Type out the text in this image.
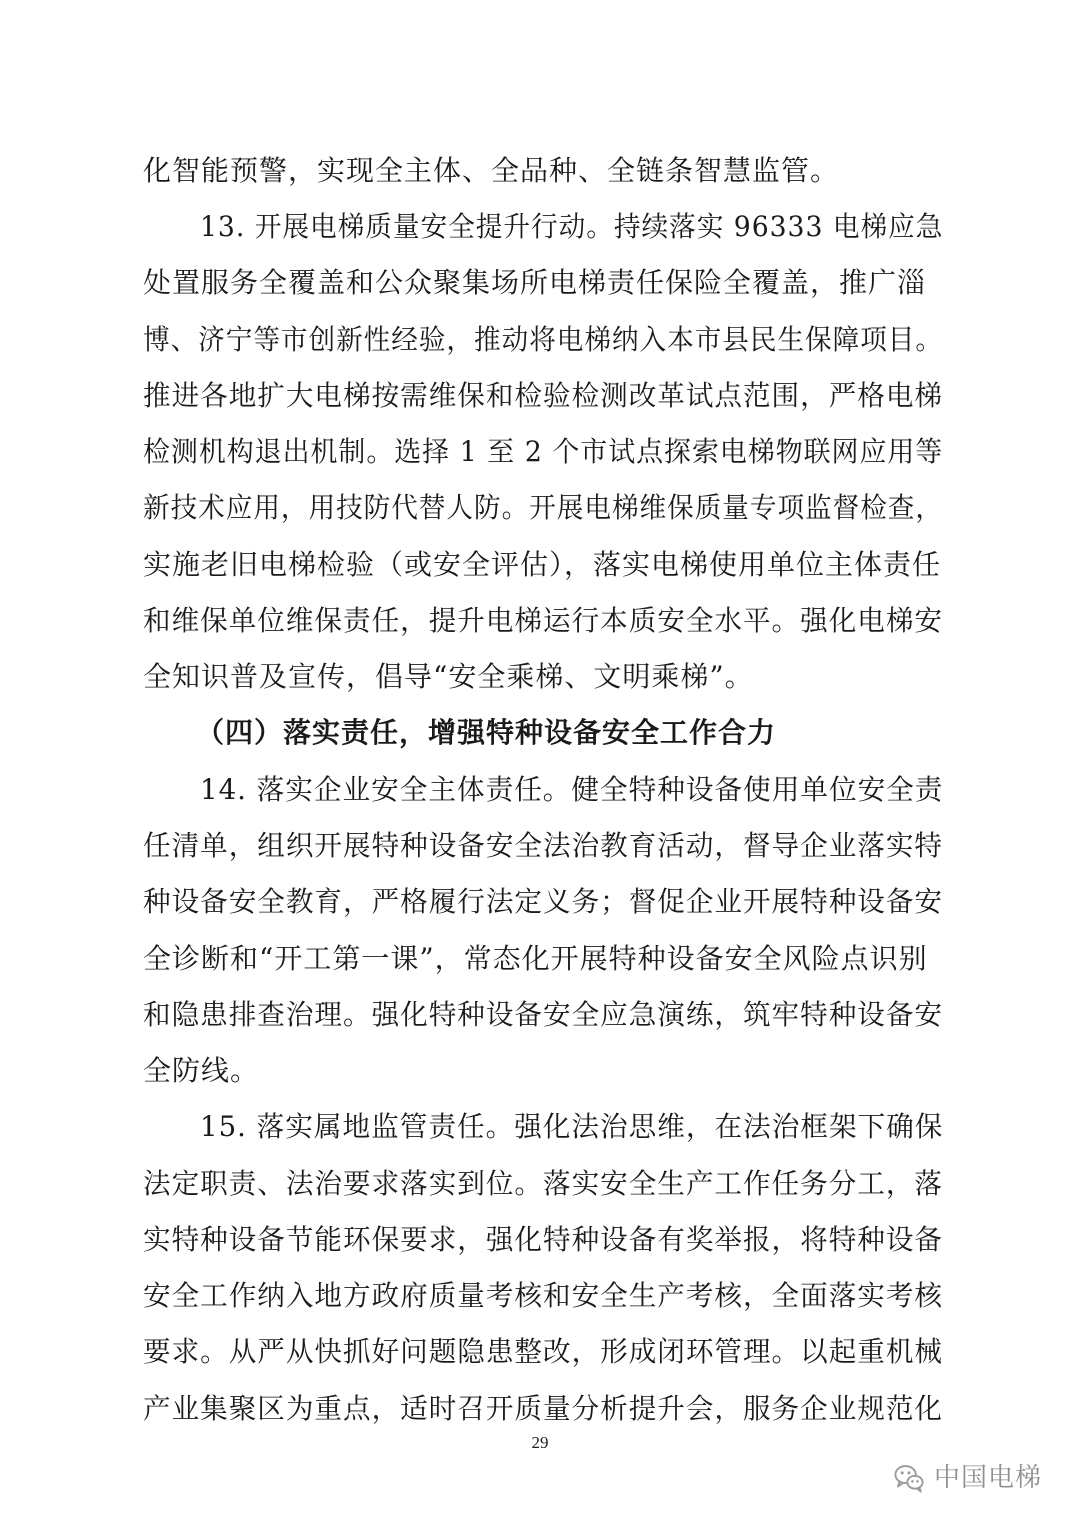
化智能预警，实现全主体、全品种、全链条智慧监管。
13. 开展电梯质量安全提升行动。持续落实 96333 电梯应急
处置服务全覆盖和公众聚集场所电梯责任保险全覆盖，推广淄
博、济宁等市创新性经验，推动将电梯纳入本市县民生保障项目。
推进各地扩大电梯按需维保和检验检测改革试点范围，严格电梯
检测机构退出机制。选择 1 至 2 个市试点探索电梯物联网应用等
新技术应用，用技防代替人防。开展电梯维保质量专项监督检查，
实施老旧电梯检验（或安全评估），落实电梯使用单位主体责任
和维保单位维保责任，提升电梯运行本质安全水平。强化电梯安
全知识普及宣传，倡导“安全乘梯、文明乘梯”。
（四）落实责任，增强特种设备安全工作合力
14. 落实企业安全主体责任。健全特种设备使用单位安全责
任清单，组织开展特种设备安全法治教育活动，督导企业落实特
种设备安全教育，严格履行法定义务；督促企业开展特种设备安
全诊断和“开工第一课”，常态化开展特种设备安全风险点识别
和隐患排查治理。强化特种设备安全应急演练，筑牢特种设备安
全防线。
15. 落实属地监管责任。强化法治思维，在法治框架下确保
法定职责、法治要求落实到位。落实安全生产工作任务分工，落
实特种设备节能环保要求，强化特种设备有奖举报，将特种设备
安全工作纳入地方政府质量考核和安全生产考核，全面落实考核
要求。从严从快抓好问题隐患整改，形成闭环管理。以起重机械
产业集聚区为重点，适时召开质量分析提升会，服务企业规范化
29
中国电梯
